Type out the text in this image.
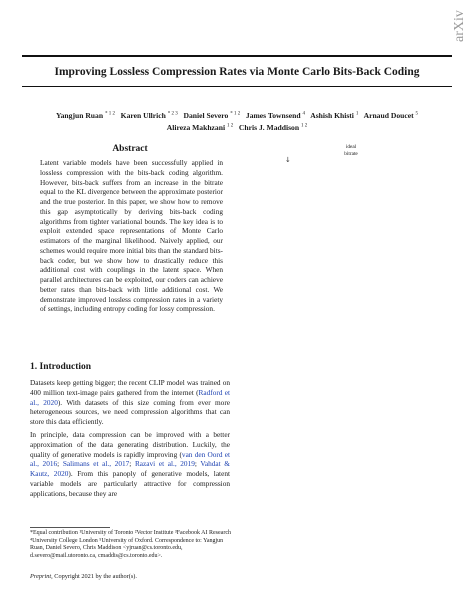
arXiv
Improving Lossless Compression Rates via Monte Carlo Bits-Back Coding
Yangjun Ruan $^{* 1 2}$ Karen Ullrich $^{* 2 3}$ Daniel Severo $^{* 1 2}$ James Townsend $^4$ Ashish Khisti $^1$ Arnaud Doucet $^5$
Alireza Makhzani $^{1 2}$ Chris J. Maddison $^{1 2}$
Abstract
Latent variable models have been successfully applied in lossless compression with the bits-back coding algorithm. However, bits-back suffers from an increase in the bitrate equal to the KL divergence between the approximate posterior and the true posterior. In this paper, we show how to remove this gap asymptotically by deriving bits-back coding algorithms from tighter variational bounds. The key idea is to exploit extended space representations of Monte Carlo estimators of the marginal likelihood. Naively applied, our schemes would require more initial bits than the standard bits-back coder, but we show how to drastically reduce this additional cost with couplings in the latent space. When parallel architectures can be exploited, our coders can achieve better rates than bits-back with little additional cost. We demonstrate improved lossless compression rates in a variety of settings, including entropy coding for lossy compression.
1. Introduction
Datasets keep getting bigger; the recent CLIP model was trained on 400 million text-image pairs gathered from the internet (Radford et al., 2020). With datasets of this size coming from ever more heterogeneous sources, we need compression algorithms that can store this data efficiently.
In principle, data compression can be improved with a better approximation of the data generating distribution. Luckily, the quality of generative models is rapidly improving (van den Oord et al., 2016; Salimans et al., 2017; Razavi et al., 2019; Vahdat & Kautz, 2020). From this panoply of generative models, latent variable models are particularly attractive for compression applications, because they are
*Equal contribution ¹University of Toronto ²Vector Institute ³Facebook AI Research ⁴University College London ⁵University of Oxford. Correspondence to: Yangjun Ruan, Daniel Severo, Chris Maddison <yjruan@cs.toronto.edu, d.severo@mail.utoronto.ca, cmaddis@cs.toronto.edu>.
Preprint, Copyright 2021 by the author(s).
ideal
bitrate
↓
